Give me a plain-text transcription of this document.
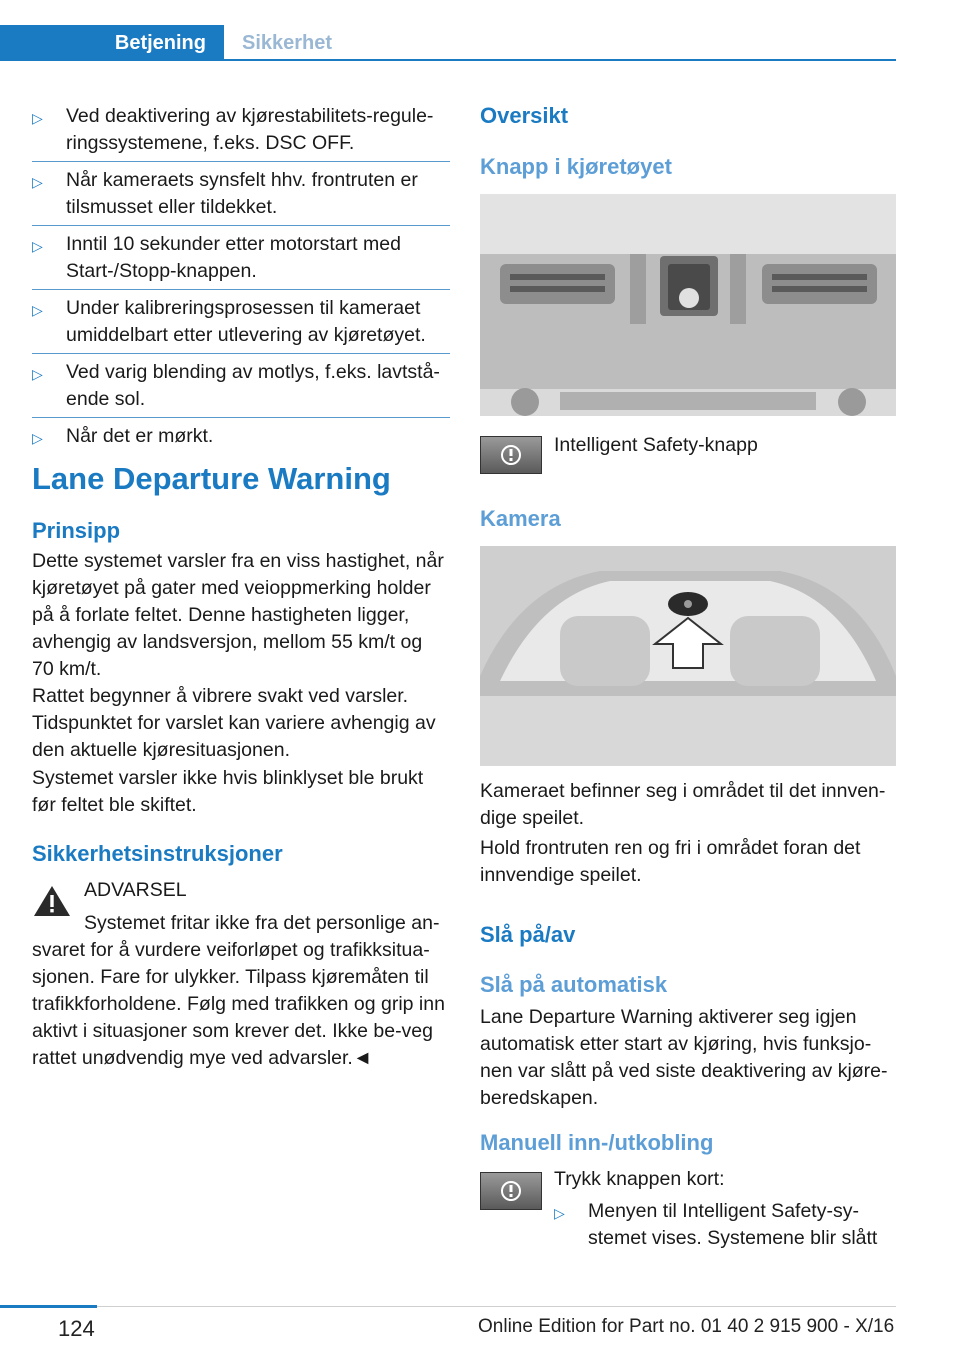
Betjening Sikkerhet
▷ Ved deaktivering av kjørestabilitets-regule-ringssystemene, f.eks. DSC OFF.

▷ Når kameraets synsfelt hhv. frontruten er tilsmusset eller tildekket.

▷ Inntil 10 sekunder etter motorstart med Start-/Stopp-knappen.

▷ Under kalibreringsprosessen til kameraet umiddelbart etter utlevering av kjøretøyet.

▷ Ved varig blending av motlys, f.eks. lavtstå-ende sol.

▷ Når det er mørkt.

Lane Departure Warning
Prinsipp

Dette systemet varsler fra en viss hastighet, når kjøretøyet på gater med veioppmerking holder på å forlate feltet. Denne hastigheten ligger, avhengig av landsversjon, mellom 55 km/t og 70 km/t.

Rattet begynner å vibrere svakt ved varsler. Tidspunktet for varslet kan variere avhengig av den aktuelle kjøresituasjonen.

Systemet varsler ikke hvis blinklyset ble brukt før feltet ble skiftet.

Sikkerhetsinstruksjoner

ADVARSEL

Systemet fritar ikke fra det personlige an-svaret for å vurdere veiforløpet og trafikksitua-sjonen. Fare for ulykker. Tilpass kjøremåten til trafikkforholdene. Følg med trafikken og grip inn aktivt i situasjoner som krever det. Ikke be-veg rattet unødvendig mye ved advarsler.◄

Oversikt
Knapp i kjøretøyet

Intelligent Safety-knapp

Kamera

Kameraet befinner seg i området til det innven-dige speilet.

Hold frontruten ren og fri i området foran det innvendige speilet.

Slå på/av
Slå på automatisk

Lane Departure Warning aktiverer seg igjen automatisk etter start av kjøring, hvis funksjo-nen var slått på ved siste deaktivering av kjøre-beredskapen.

Manuell inn-/utkobling

Trykk knappen kort:

▷	Menyen til Intelligent Safety-sy-stemet vises. Systemene blir slått

124	Online Edition for Part no. 01 40 2 915 900 - X/16
